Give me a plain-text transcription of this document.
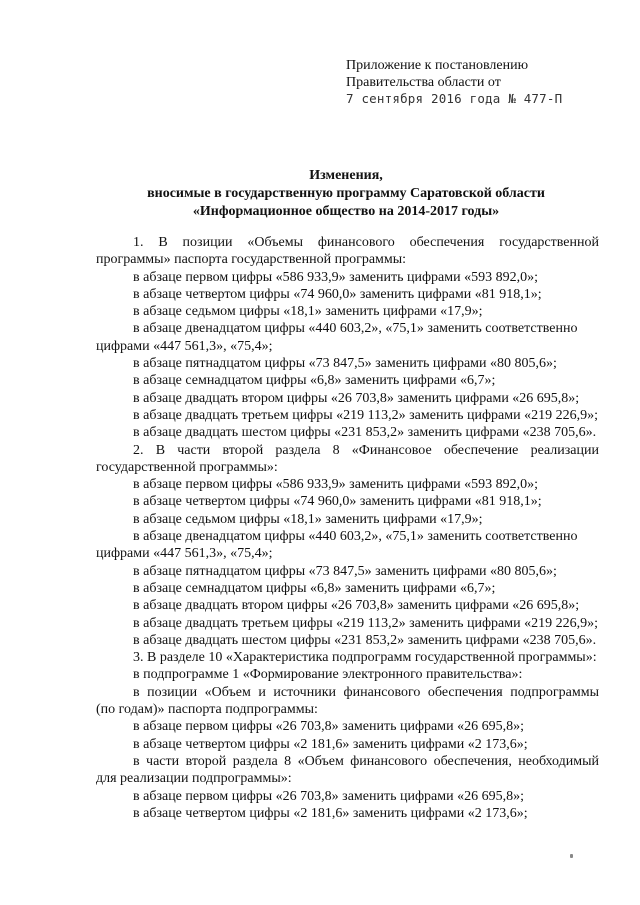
Приложение к постановлению
Правительства области от
7 сентября 2016 года № 477-П
Изменения,
вносимые в государственную программу Саратовской области
«Информационное общество на 2014-2017 годы»
1. В позиции «Объемы финансового обеспечения государственной
программы» паспорта государственной программы:
в абзаце первом цифры «586 933,9» заменить цифрами «593 892,0»;
в абзаце четвертом цифры «74 960,0» заменить цифрами «81 918,1»;
в абзаце седьмом цифры «18,1» заменить цифрами «17,9»;
в абзаце двенадцатом цифры «440 603,2», «75,1» заменить соответственно
цифрами «447 561,3», «75,4»;
в абзаце пятнадцатом цифры «73 847,5» заменить цифрами «80 805,6»;
в абзаце семнадцатом цифры «6,8» заменить цифрами «6,7»;
в абзаце двадцать втором цифры «26 703,8» заменить цифрами «26 695,8»;
в абзаце двадцать третьем цифры «219 113,2» заменить цифрами «219 226,9»;
в абзаце двадцать шестом цифры «231 853,2» заменить цифрами «238 705,6».
2. В части второй раздела 8 «Финансовое обеспечение реализации
государственной программы»:
в абзаце первом цифры «586 933,9» заменить цифрами «593 892,0»;
в абзаце четвертом цифры «74 960,0» заменить цифрами «81 918,1»;
в абзаце седьмом цифры «18,1» заменить цифрами «17,9»;
в абзаце двенадцатом цифры «440 603,2», «75,1» заменить соответственно
цифрами «447 561,3», «75,4»;
в абзаце пятнадцатом цифры «73 847,5» заменить цифрами «80 805,6»;
в абзаце семнадцатом цифры «6,8» заменить цифрами «6,7»;
в абзаце двадцать втором цифры «26 703,8» заменить цифрами «26 695,8»;
в абзаце двадцать третьем цифры «219 113,2» заменить цифрами «219 226,9»;
в абзаце двадцать шестом цифры «231 853,2» заменить цифрами «238 705,6».
3. В разделе 10 «Характеристика подпрограмм государственной программы»:
в подпрограмме 1 «Формирование электронного правительства»:
в позиции «Объем и источники финансового обеспечения подпрограммы
(по годам)» паспорта подпрограммы:
в абзаце первом цифры «26 703,8» заменить цифрами «26 695,8»;
в абзаце четвертом цифры «2 181,6» заменить цифрами «2 173,6»;
в части второй раздела 8 «Объем финансового обеспечения, необходимый
для реализации подпрограммы»:
в абзаце первом цифры «26 703,8» заменить цифрами «26 695,8»;
в абзаце четвертом цифры «2 181,6» заменить цифрами «2 173,6»;
